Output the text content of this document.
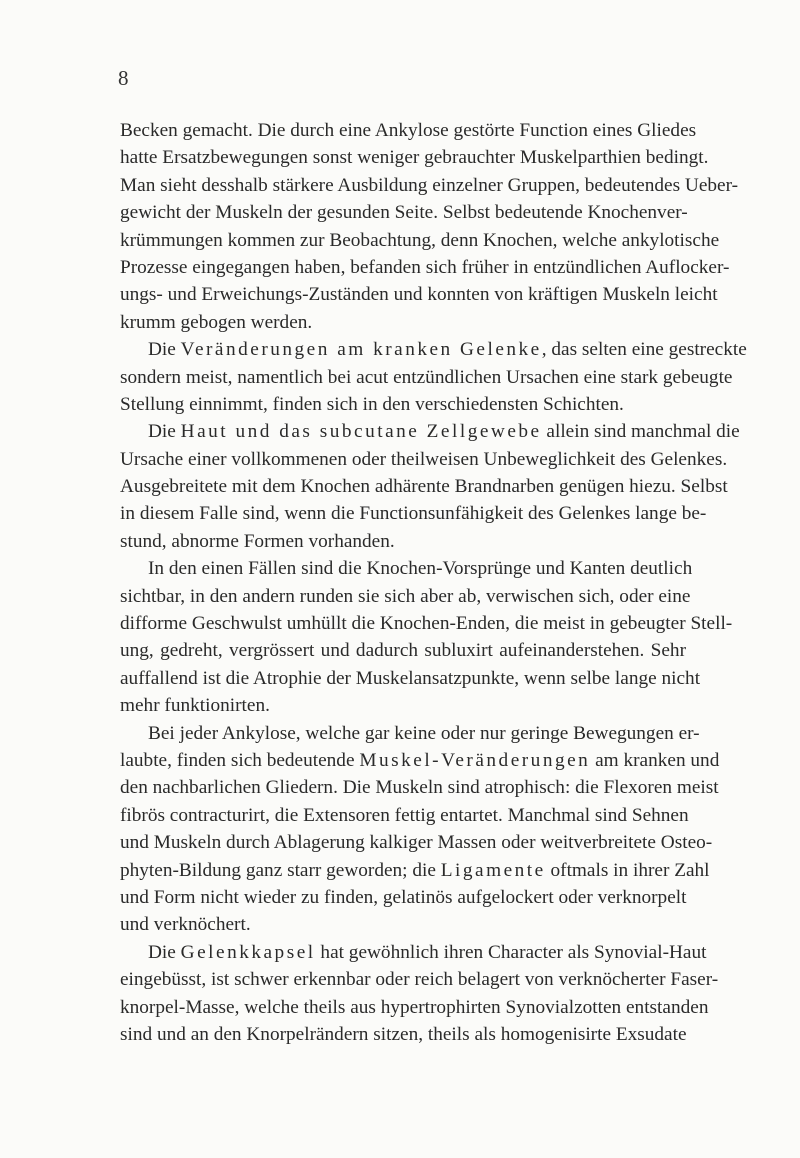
8
Becken gemacht. Die durch eine Ankylose gestörte Function eines Gliedes
hatte Ersatzbewegungen sonst weniger gebrauchter Muskelparthien bedingt.
Man sieht desshalb stärkere Ausbildung einzelner Gruppen, bedeutendes Ueber-
gewicht der Muskeln der gesunden Seite. Selbst bedeutende Knochenver-
krümmungen kommen zur Beobachtung, denn Knochen, welche ankylotische
Prozesse eingegangen haben, befanden sich früher in entzündlichen Auflocker-
ungs- und Erweichungs-Zuständen und konnten von kräftigen Muskeln leicht
krumm gebogen werden.
Die Veränderungen am kranken Gelenke, das selten eine gestreckte
sondern meist, namentlich bei acut entzündlichen Ursachen eine stark gebeugte
Stellung einnimmt, finden sich in den verschiedensten Schichten.
Die Haut und das subcutane Zellgewebe allein sind manchmal die
Ursache einer vollkommenen oder theilweisen Unbeweglichkeit des Gelenkes.
Ausgebreitete mit dem Knochen adhärente Brandnarben genügen hiezu. Selbst
in diesem Falle sind, wenn die Functionsunfähigkeit des Gelenkes lange be-
stund, abnorme Formen vorhanden.
In den einen Fällen sind die Knochen-Vorsprünge und Kanten deutlich
sichtbar, in den andern runden sie sich aber ab, verwischen sich, oder eine
difforme Geschwulst umhüllt die Knochen-Enden, die meist in gebeugter Stell-
ung, gedreht, vergrössert und dadurch subluxirt aufeinanderstehen. Sehr
auffallend ist die Atrophie der Muskelansatzpunkte, wenn selbe lange nicht
mehr funktionirten.
Bei jeder Ankylose, welche gar keine oder nur geringe Bewegungen er-
laubte, finden sich bedeutende Muskel-Veränderungen am kranken und
den nachbarlichen Gliedern. Die Muskeln sind atrophisch: die Flexoren meist
fibrös contracturirt, die Extensoren fettig entartet. Manchmal sind Sehnen
und Muskeln durch Ablagerung kalkiger Massen oder weitverbreitete Osteo-
phyten-Bildung ganz starr geworden; die Ligamente oftmals in ihrer Zahl
und Form nicht wieder zu finden, gelatinös aufgelockert oder verknorpelt
und verknöchert.
Die Gelenkkapsel hat gewöhnlich ihren Character als Synovial-Haut
eingebüsst, ist schwer erkennbar oder reich belagert von verknöcherter Faser-
knorpel-Masse, welche theils aus hypertrophirten Synovialzotten entstanden
sind und an den Knorpelrändern sitzen, theils als homogenisirte Exsudate
